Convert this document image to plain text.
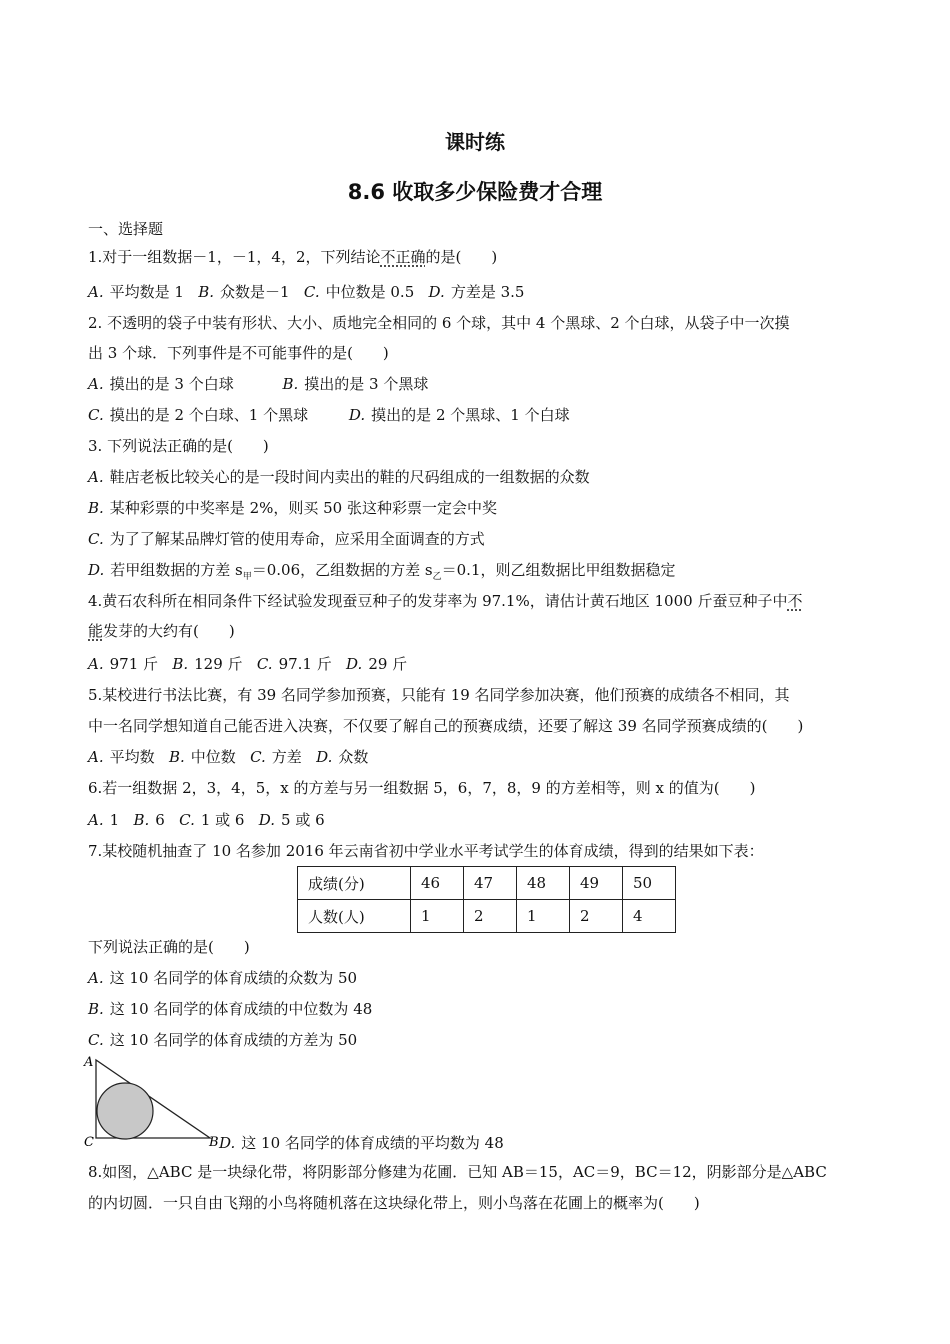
课时练
8.6 收取多少保险费才合理
一、选择题
1.对于一组数据－1，－1，4，2，下列结论不正确的是(　　)
A. 平均数是 1 B. 众数是－1 C. 中位数是 0.5 D. 方差是 3.5
2. 不透明的袋子中装有形状、大小、质地完全相同的 6 个球，其中 4 个黑球、2 个白球，从袋子中一次摸
出 3 个球．下列事件是不可能事件的是(　　)
A. 摸出的是 3 个白球	B. 摸出的是 3 个黑球
C. 摸出的是 2 个白球、1 个黑球	D. 摸出的是 2 个黑球、1 个白球
3. 下列说法正确的是(　　)
A. 鞋店老板比较关心的是一段时间内卖出的鞋的尺码组成的一组数据的众数
B. 某种彩票的中奖率是 2%，则买 50 张这种彩票一定会中奖
C. 为了了解某品牌灯管的使用寿命，应采用全面调查的方式
D. 若甲组数据的方差 $s_甲=0.06$，乙组数据的方差 $s_乙=0.1$，则乙组数据比甲组数据稳定
4.黄石农科所在相同条件下经试验发现蚕豆种子的发芽率为 97.1%，请估计黄石地区 1000 斤蚕豆种子中不
能发芽的大约有(　　)
A. 971 斤 B. 129 斤 C. 97.1 斤 D. 29 斤
5.某校进行书法比赛，有 39 名同学参加预赛，只能有 19 名同学参加决赛，他们预赛的成绩各不相同，其
中一名同学想知道自己能否进入决赛，不仅要了解自己的预赛成绩，还要了解这 39 名同学预赛成绩的(　　)
A. 平均数 B. 中位数 C. 方差 D. 众数
6.若一组数据 2，3，4，5，x 的方差与另一组数据 5，6，7，8，9 的方差相等，则 x 的值为(　　)
A. 1 B. 6 C. 1 或 6 D. 5 或 6
7.某校随机抽查了 10 名参加 2016 年云南省初中学业水平考试学生的体育成绩，得到的结果如下表：
成绩(分)	46	47	48	49	50
人数(人)	1	2	1	2	4
下列说法正确的是(　　)
A. 这 10 名同学的体育成绩的众数为 50
B. 这 10 名同学的体育成绩的中位数为 48
C. 这 10 名同学的体育成绩的方差为 50
A
C	B D. 这 10 名同学的体育成绩的平均数为 48
8.如图，△ABC 是一块绿化带，将阴影部分修建为花圃．已知 AB＝15，AC＝9，BC＝12，阴影部分是△ABC
的内切圆．一只自由飞翔的小鸟将随机落在这块绿化带上，则小鸟落在花圃上的概率为(　　)
